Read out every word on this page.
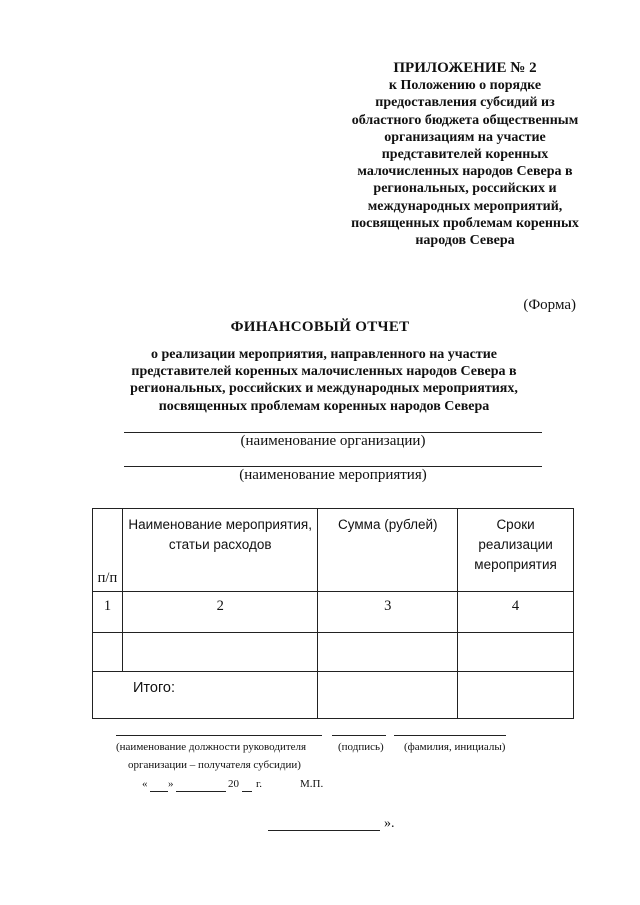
ПРИЛОЖЕНИЕ № 2
к Положению о порядке
предоставления субсидий из
областного бюджета общественным
организациям на участие
представителей коренных
малочисленных народов Севера в
региональных, российских и
международных мероприятий,
посвященных проблемам коренных
народов Севера
(Форма)
ФИНАНСОВЫЙ ОТЧЕТ
о реализации мероприятия, направленного на участие
представителей коренных малочисленных народов Севера в
региональных, российских и международных мероприятиях,
посвященных проблемам коренных народов Севера
(наименование организации)
(наименование мероприятия)
п/п	Наименование мероприятия, статьи расходов	Сумма (рублей)	Сроки
реализации
мероприятия

1	2	3	4

Итого:			
(наименование должности руководителя	(подпись) (фамилия, инициалы)
организации – получателя субсидии)
« »	20 г.	М.П.
».
